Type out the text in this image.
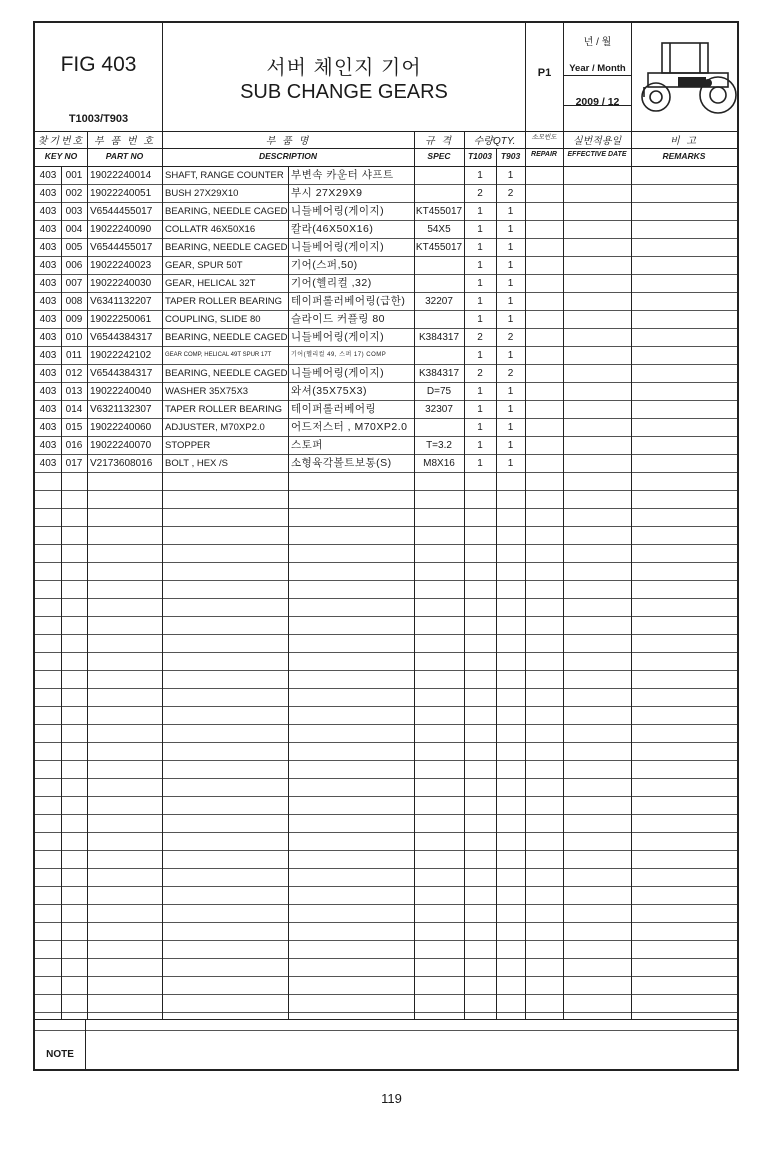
FIG 403
T1003/T903
서버 체인지 기어
SUB CHANGE GEARS
P1
년 / 월
Year / Month
2009 / 12
찾기번호
KEY NO
부 품 번 호
PART NO
부 품 명
DESCRIPTION
규 격
SPEC
수량QTY.
T1003	T903
소모빈도
REPAIR
실번적용일
EFFECTIVE DATE
비 고
REMARKS
403 001 19022240014	SHAFT, RANGE COUNTER 부변속 카운터 샤프트	1	1
403 002 19022240051	BUSH 27X29X10	부시 27X29X9	2	2
403 003 V6544455017	BEARING, NEEDLE CAGED 니들베어링(게이지)	KT455017	1	1
403 004 19022240090	COLLATR 46X50X16	칼라(46X50X16)	54X5	1	1
403 005 V6544455017	BEARING, NEEDLE CAGED 니들베어링(게이지)	KT455017	1	1
403 006 19022240023	GEAR, SPUR 50T	기어(스퍼,50)	1	1
403 007 19022240030	GEAR, HELICAL 32T	기어(헬리컬 ,32)	1	1
403 008 V6341132207	TAPER ROLLER BEARING 테이퍼롤러베어링(급한)	32207	1	1
403 009 19022250061	COUPLING, SLIDE 80	슬라이드 커플링 80	1	1
403 010 V6544384317	BEARING, NEEDLE CAGED 니들베어링(게이지)	K384317	2	2
403 011 19022242102	GEAR COMP, HELICAL 49T SPUR 17T	기어(헬리컬 49, 스퍼 17) COMP	1	1
403 012 V6544384317	BEARING, NEEDLE CAGED 니들베어링(게이지)	K384317	2	2
403 013 19022240040	WASHER 35X75X3	와셔(35X75X3)	D=75	1	1
403 014 V6321132307	TAPER ROLLER BEARING 테이퍼롤러베어링	32307	1	1
403 015 19022240060	ADJUSTER, M70XP2.0	어드저스터 , M70XP2.0	1	1
403 016 19022240070	STOPPER	스토퍼	T=3.2	1	1
403 017 V2173608016	BOLT , HEX /S	소형육각볼트보통(S)	M8X16	1	1
NOTE
119
